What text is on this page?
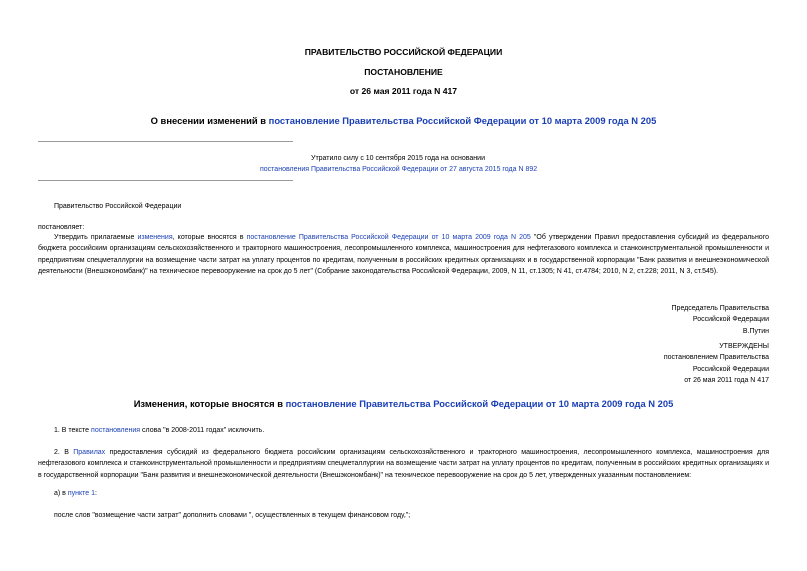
ПРАВИТЕЛЬСТВО РОССИЙСКОЙ ФЕДЕРАЦИИ
ПОСТАНОВЛЕНИЕ
от 26 мая 2011 года N 417
О внесении изменений в постановление Правительства Российской Федерации от 10 марта 2009 года N 205
Утратило силу с 10 сентября 2015 года на основании
постановления Правительства Российской Федерации от 27 августа 2015 года N 892
Правительство Российской Федерации
постановляет:
Утвердить прилагаемые изменения, которые вносятся в постановление Правительства Российской Федерации от 10 марта 2009 года N 205 "Об утверждении Правил предоставления субсидий из федерального бюджета российским организациям сельскохозяйственного и тракторного машиностроения, лесопромышленного комплекса, машиностроения для нефтегазового комплекса и станкоинструментальной промышленности и предприятиям спецметаллургии на возмещение части затрат на уплату процентов по кредитам, полученным в российских кредитных организациях и в государственной корпорации "Банк развития и внешнеэкономической деятельности (Внешэкономбанк)" на техническое перевооружение на срок до 5 лет" (Собрание законодательства Российской Федерации, 2009, N 11, ст.1305; N 41, ст.4784; 2010, N 2, ст.228; 2011, N 3, ст.545).
Председатель Правительства
Российской Федерации
В.Путин
УТВЕРЖДЕНЫ
постановлением Правительства
Российской Федерации
от 26 мая 2011 года N 417
Изменения, которые вносятся в постановление Правительства Российской Федерации от 10 марта 2009 года N 205
1. В тексте постановления слова "в 2008-2011 годах" исключить.
2. В Правилах предоставления субсидий из федерального бюджета российским организациям сельскохозяйственного и тракторного машиностроения, лесопромышленного комплекса, машиностроения для нефтегазового комплекса и станкоинструментальной промышленности и предприятиям спецметаллургии на возмещение части затрат на уплату процентов по кредитам, полученным в российских кредитных организациях и в государственной корпорации "Банк развития и внешнеэкономической деятельности (Внешэкономбанк)" на техническое перевооружение на срок до 5 лет, утвержденных указанным постановлением:
а) в пункте 1:
после слов "возмещение части затрат" дополнить словами ", осуществленных в текущем финансовом году,";
